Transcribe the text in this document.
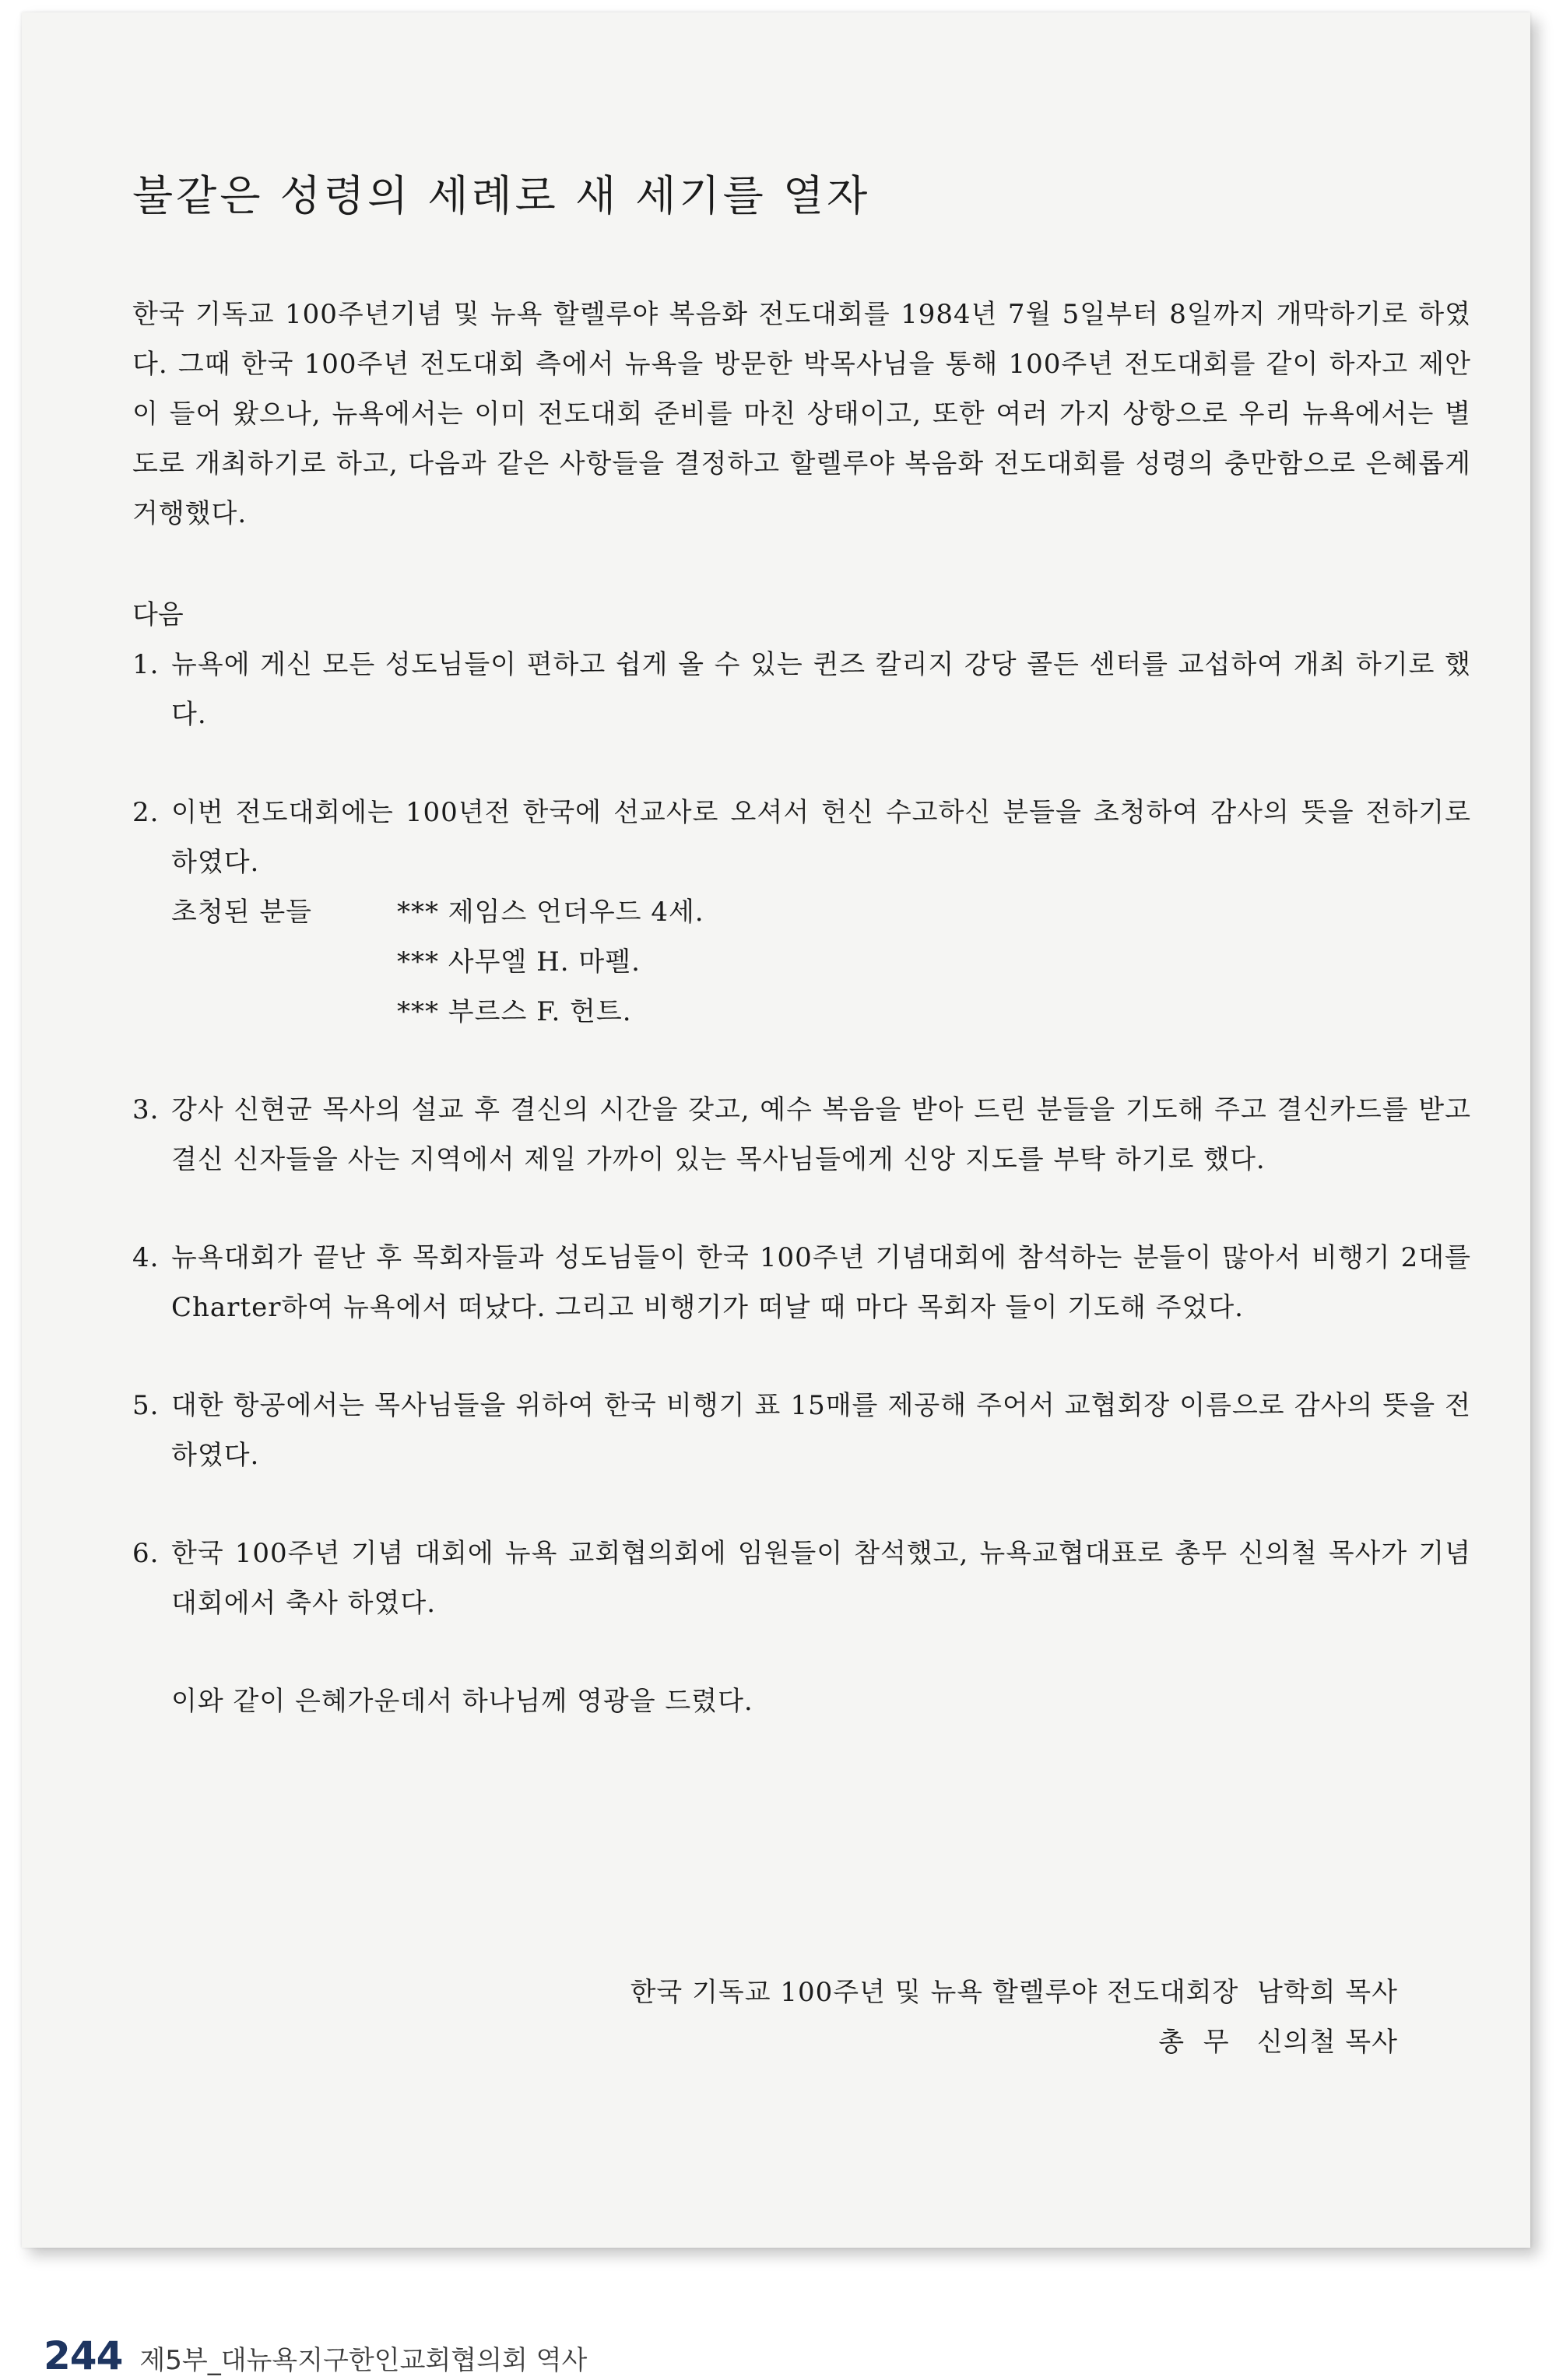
불같은 성령의 세례로 새 세기를 열자

한국 기독교 100주년기념 및 뉴욕 할렐루야 복음화 전도대회를 1984년 7월 5일부터 8일까지 개막하기로 하였다. 그때 한국 100주년 전도대회 측에서 뉴욕을 방문한 박목사님을 통해 100주년 전도대회를 같이 하자고 제안이 들어 왔으나, 뉴욕에서는 이미 전도대회 준비를 마친 상태이고, 또한 여러 가지 상항으로 우리 뉴욕에서는 별도로 개최하기로 하고, 다음과 같은 사항들을 결정하고 할렐루야 복음화 전도대회를 성령의 충만함으로 은혜롭게 거행했다.

다음
1. 뉴욕에 게신 모든 성도님들이 편하고 쉽게 올 수 있는 퀸즈 칼리지 강당 콜든 센터를 교섭하여 개최 하기로 했다.
2. 이번 전도대회에는 100년전 한국에 선교사로 오셔서 헌신 수고하신 분들을 초청하여 감사의 뜻을 전하기로 하였다.
초청된 분들	*** 제임스 언더우드 4세.
*** 사무엘 H. 마펠.
*** 부르스 F. 헌트.
3. 강사 신현균 목사의 설교 후 결신의 시간을 갖고, 예수 복음을 받아 드린 분들을 기도해 주고 결신카드를 받고 결신 신자들을 사는 지역에서 제일 가까이 있는 목사님들에게 신앙 지도를 부탁 하기로 했다.
4. 뉴욕대회가 끝난 후 목회자들과 성도님들이 한국 100주년 기념대회에 참석하는 분들이 많아서 비행기 2대를 Charter하여 뉴욕에서 떠났다. 그리고 비행기가 떠날 때 마다 목회자 들이 기도해 주었다.
5. 대한 항공에서는 목사님들을 위하여 한국 비행기 표 15매를 제공해 주어서 교협회장 이름으로 감사의 뜻을 전 하였다.
6. 한국 100주년 기념 대회에 뉴욕 교회협의회에 임원들이 참석했고, 뉴욕교협대표로 총무 신의철 목사가 기념 대회에서 축사 하였다.
이와 같이 은혜가운데서 하나님께 영광을 드렸다.
한국 기독교 100주년 및 뉴욕 할렐루야 전도대회장  남학희 목사
총  무   신의철 목사
244 제5부_대뉴욕지구한인교회협의회 역사
